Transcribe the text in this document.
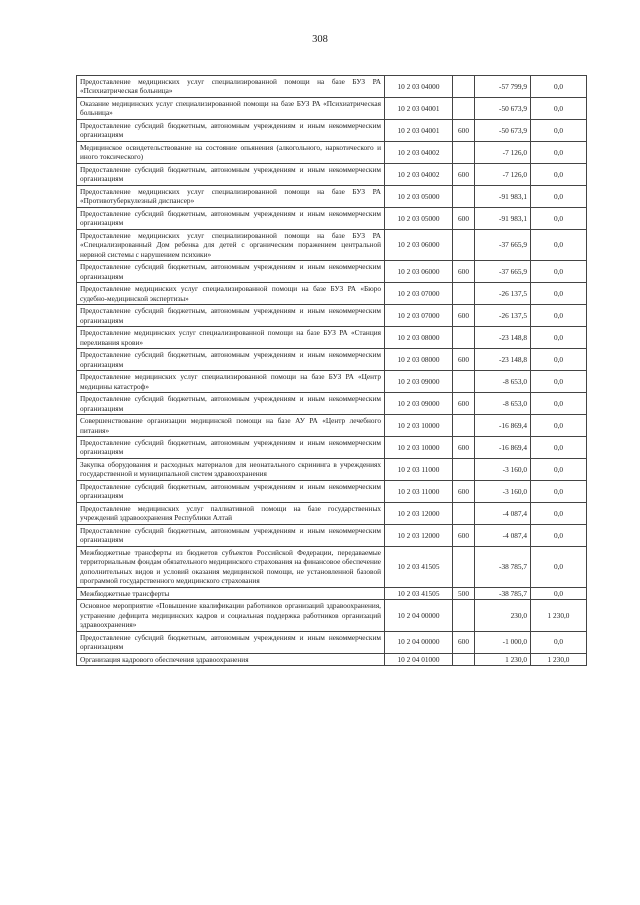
308
Предоставление медицинских услуг специализированной помощи на базе БУЗ РА «Психиатрическая больница»	10 2 03 04000		-57 799,9	0,0
Оказание медицинских услуг специализированной помощи на базе БУЗ РА «Психиатрическая больница»	10 2 03 04001		-50 673,9	0,0
Предоставление субсидий бюджетным, автономным учреждениям и иным некоммерческим организациям	10 2 03 04001	600	-50 673,9	0,0
Медицинское освидетельствование на состояние опьянения (алкогольного, наркотического и иного токсического)	10 2 03 04002		-7 126,0	0,0
Предоставление субсидий бюджетным, автономным учреждениям и иным некоммерческим организациям	10 2 03 04002	600	-7 126,0	0,0
Предоставление медицинских услуг специализированной помощи на базе БУЗ РА «Противотуберкулезный диспансер»	10 2 03 05000		-91 983,1	0,0
Предоставление субсидий бюджетным, автономным учреждениям и иным некоммерческим организациям	10 2 03 05000	600	-91 983,1	0,0
Предоставление медицинских услуг специализированной помощи на базе БУЗ РА «Специализированный Дом ребенка для детей с органическим поражением центральной нервной системы с нарушением психики»	10 2 03 06000		-37 665,9	0,0
Предоставление субсидий бюджетным, автономным учреждениям и иным некоммерческим организациям	10 2 03 06000	600	-37 665,9	0,0
Предоставление медицинских услуг специализированной помощи на базе БУЗ РА «Бюро судебно-медицинской экспертизы»	10 2 03 07000		-26 137,5	0,0
Предоставление субсидий бюджетным, автономным учреждениям и иным некоммерческим организациям	10 2 03 07000	600	-26 137,5	0,0
Предоставление медицинских услуг специализированной помощи на базе БУЗ РА «Станция переливания крови»	10 2 03 08000		-23 148,8	0,0
Предоставление субсидий бюджетным, автономным учреждениям и иным некоммерческим организациям	10 2 03 08000	600	-23 148,8	0,0
Предоставление медицинских услуг специализированной помощи на базе БУЗ РА «Центр медицины катастроф»	10 2 03 09000		-8 653,0	0,0
Предоставление субсидий бюджетным, автономным учреждениям и иным некоммерческим организациям	10 2 03 09000	600	-8 653,0	0,0
Совершенствование организации медицинской помощи на базе АУ РА «Центр лечебного питания»	10 2 03 10000		-16 869,4	0,0
Предоставление субсидий бюджетным, автономным учреждениям и иным некоммерческим организациям	10 2 03 10000	600	-16 869,4	0,0
Закупка оборудования и расходных материалов для неонатального скрининга в учреждениях государственной и муниципальной систем здравоохранения	10 2 03 11000		-3 160,0	0,0
Предоставление субсидий бюджетным, автономным учреждениям и иным некоммерческим организациям	10 2 03 11000	600	-3 160,0	0,0
Предоставление медицинских услуг паллиативной помощи на базе государственных учреждений здравоохранения Республики Алтай	10 2 03 12000		-4 087,4	0,0
Предоставление субсидий бюджетным, автономным учреждениям и иным некоммерческим организациям	10 2 03 12000	600	-4 087,4	0,0
Межбюджетные трансферты из бюджетов субъектов Российской Федерации, передаваемые территориальным фондам обязательного медицинского страхования на финансовое обеспечение дополнительных видов и условий оказания медицинской помощи, не установленной базовой программой государственного медицинского страхования	10 2 03 41505		-38 785,7	0,0
Межбюджетные трансферты	10 2 03 41505	500	-38 785,7	0,0
Основное мероприятие «Повышение квалификации работников организаций здравоохранения, устранение дефицита медицинских кадров и социальная поддержка работников организаций здравоохранения»	10 2 04 00000		230,0	1 230,0
Предоставление субсидий бюджетным, автономным учреждениям и иным некоммерческим организациям	10 2 04 00000	600	-1 000,0	0,0
Организация кадрового обеспечения здравоохранения	10 2 04 01000		1 230,0	1 230,0
